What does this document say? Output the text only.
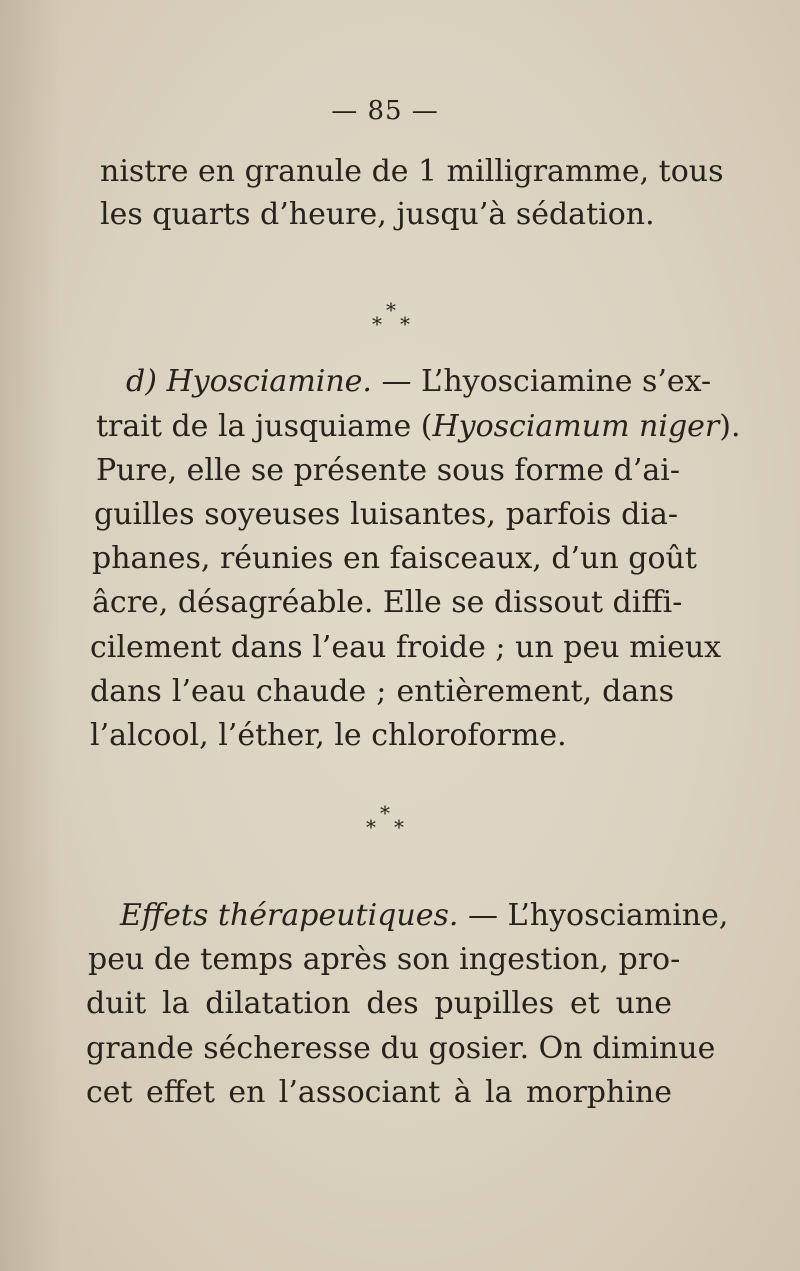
— 85 —
nistre en granule de 1 milligramme, tous
les quarts d’heure, jusqu’à sédation.
*
* *
d) Hyosciamine. — L’hyosciamine s’ex-
trait de la jusquiame (Hyosciamum niger).
Pure, elle se présente sous forme d’ai-
guilles soyeuses luisantes, parfois dia-
phanes, réunies en faisceaux, d’un goût
âcre, désagréable. Elle se dissout diffi-
cilement dans l’eau froide ; un peu mieux
dans l’eau chaude ; entièrement, dans
l’alcool, l’éther, le chloroforme.
*
* *
Effets thérapeutiques. — L’hyosciamine,
peu de temps après son ingestion, pro-
duit la dilatation des pupilles et une
grande sécheresse du gosier. On diminue
cet effet en l’associant à la morphine
